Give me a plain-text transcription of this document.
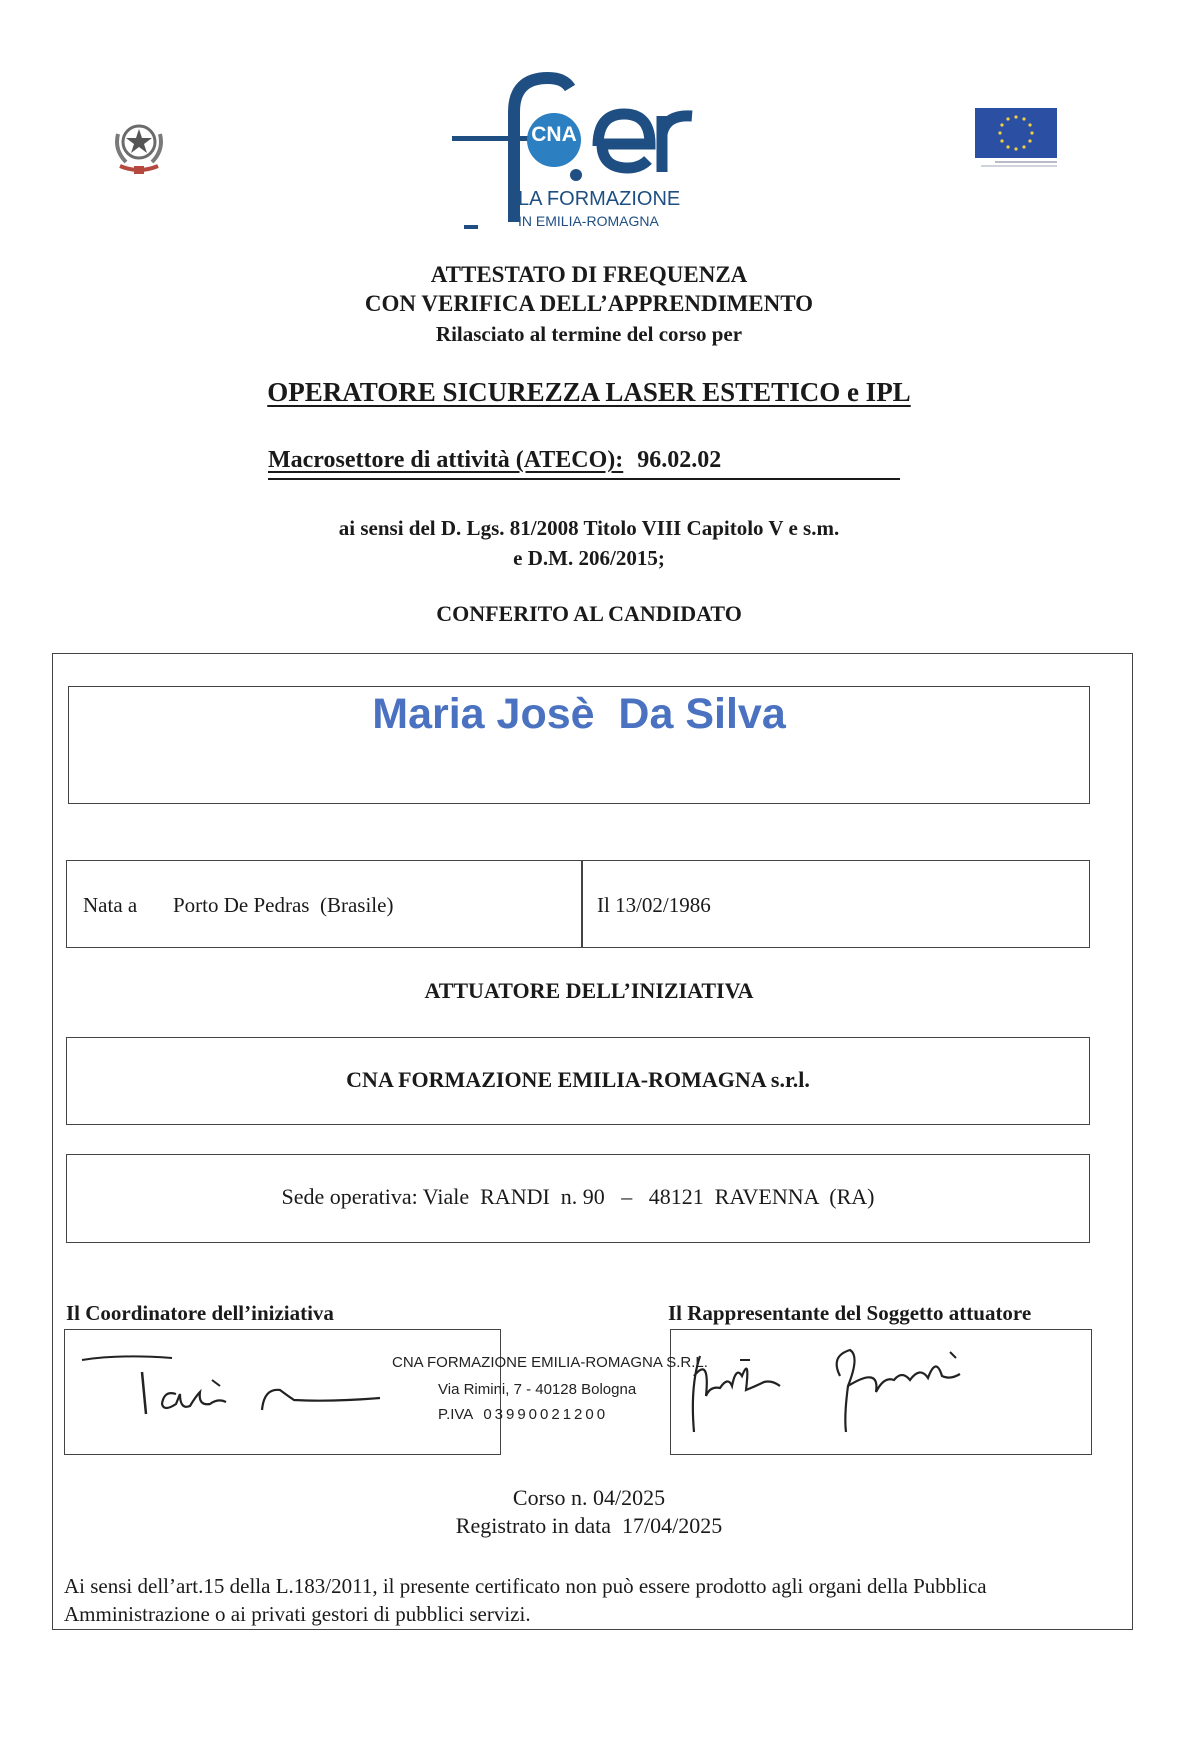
CNA
LA FORMAZIONE
IN EMILIA-ROMAGNA
ATTESTATO DI FREQUENZA
CON VERIFICA DELL’APPRENDIMENTO
Rilasciato al termine del corso per
OPERATORE SICUREZZA LASER ESTETICO e IPL
Macrosettore di attività (ATECO): 96.02.02
ai sensi del D. Lgs. 81/2008 Titolo VIII Capitolo V e s.m.
e D.M. 206/2015;
CONFERITO AL CANDIDATO
Maria Josè  Da Silva
Nata a Porto De Pedras  (Brasile)	Il 13/02/1986
ATTUATORE DELL’INIZIATIVA
CNA FORMAZIONE EMILIA-ROMAGNA s.r.l.
Sede operativa: Viale  RANDI  n. 90   –   48121  RAVENNA  (RA)
Il Coordinatore dell’iniziativa	Il Rappresentante del Soggetto attuatore
CNA FORMAZIONE EMILIA-ROMAGNA S.R.L.
Via Rimini, 7 - 40128 Bologna
P.IVA 03990021200
Corso n. 04/2025
Registrato in data  17/04/2025
Ai sensi dell’art.15 della L.183/2011, il presente certificato non può essere prodotto agli organi della Pubblica Amministrazione o ai privati gestori di pubblici servizi.
